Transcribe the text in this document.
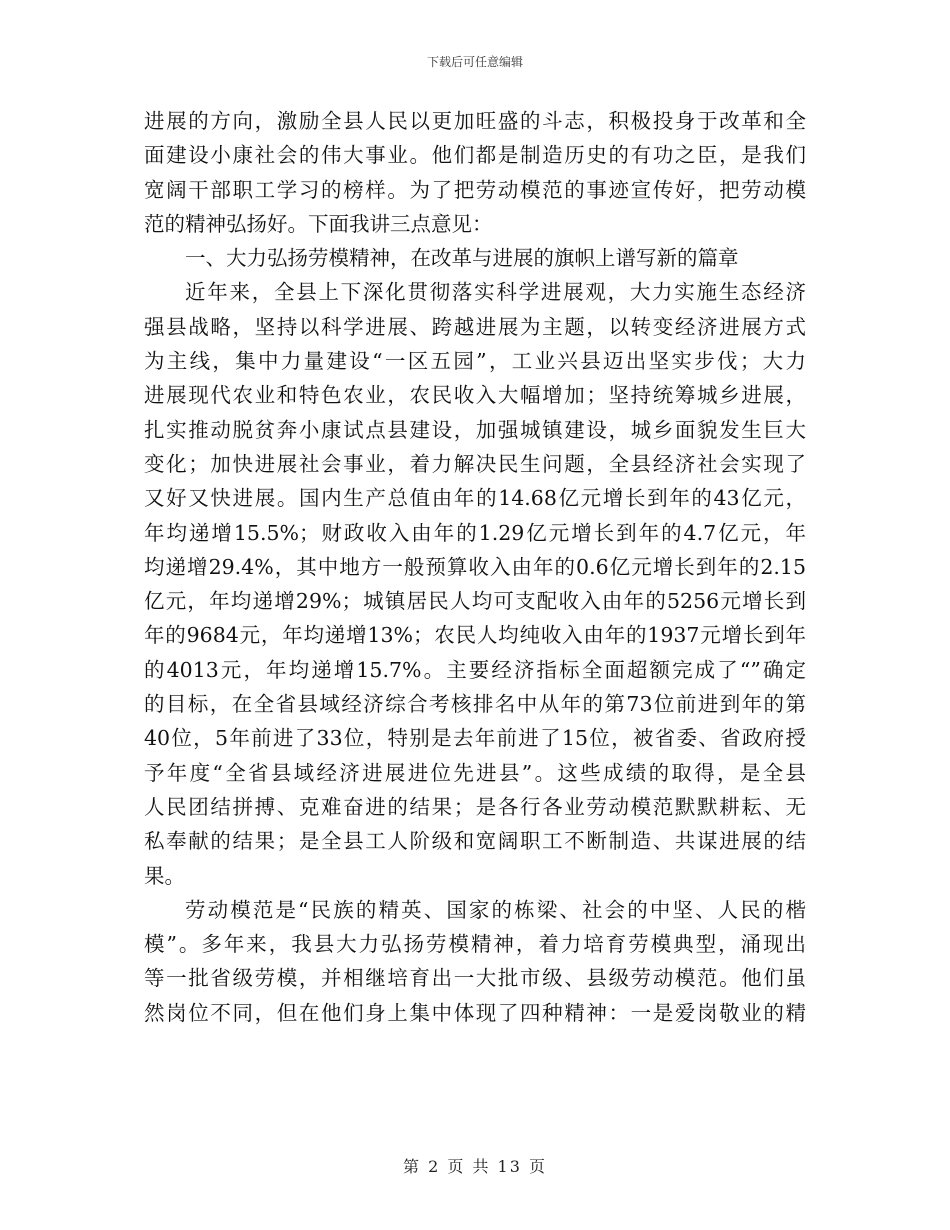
下载后可任意编辑
进展的方向，激励全县人民以更加旺盛的斗志，积极投身于改革和全
面建设小康社会的伟大事业。他们都是制造历史的有功之臣，是我们
宽阔干部职工学习的榜样。为了把劳动模范的事迹宣传好，把劳动模
范的精神弘扬好。下面我讲三点意见：
一、大力弘扬劳模精神，在改革与进展的旗帜上谱写新的篇章
近年来，全县上下深化贯彻落实科学进展观，大力实施生态经济
强县战略，坚持以科学进展、跨越进展为主题，以转变经济进展方式
为主线，集中力量建设“一区五园”，工业兴县迈出坚实步伐；大力
进展现代农业和特色农业，农民收入大幅增加；坚持统筹城乡进展，
扎实推动脱贫奔小康试点县建设，加强城镇建设，城乡面貌发生巨大
变化；加快进展社会事业，着力解决民生问题，全县经济社会实现了
又好又快进展。国内生产总值由年的14.68亿元增长到年的43亿元，
年均递增15.5%；财政收入由年的1.29亿元增长到年的4.7亿元，年
均递增29.4%，其中地方一般预算收入由年的0.6亿元增长到年的2.15
亿元，年均递增29%；城镇居民人均可支配收入由年的5256元增长到
年的9684元，年均递增13%；农民人均纯收入由年的1937元增长到年
的4013元，年均递增15.7%。主要经济指标全面超额完成了“”确定
的目标，在全省县域经济综合考核排名中从年的第73位前进到年的第
40位，5年前进了33位，特别是去年前进了15位，被省委、省政府授
予年度“全省县域经济进展进位先进县”。这些成绩的取得，是全县
人民团结拼搏、克难奋进的结果；是各行各业劳动模范默默耕耘、无
私奉献的结果；是全县工人阶级和宽阔职工不断制造、共谋进展的结
果。
劳动模范是“民族的精英、国家的栋梁、社会的中坚、人民的楷
模”。多年来，我县大力弘扬劳模精神，着力培育劳模典型，涌现出
等一批省级劳模，并相继培育出一大批市级、县级劳动模范。他们虽
然岗位不同，但在他们身上集中体现了四种精神：一是爱岗敬业的精
第 2 页 共 13 页
